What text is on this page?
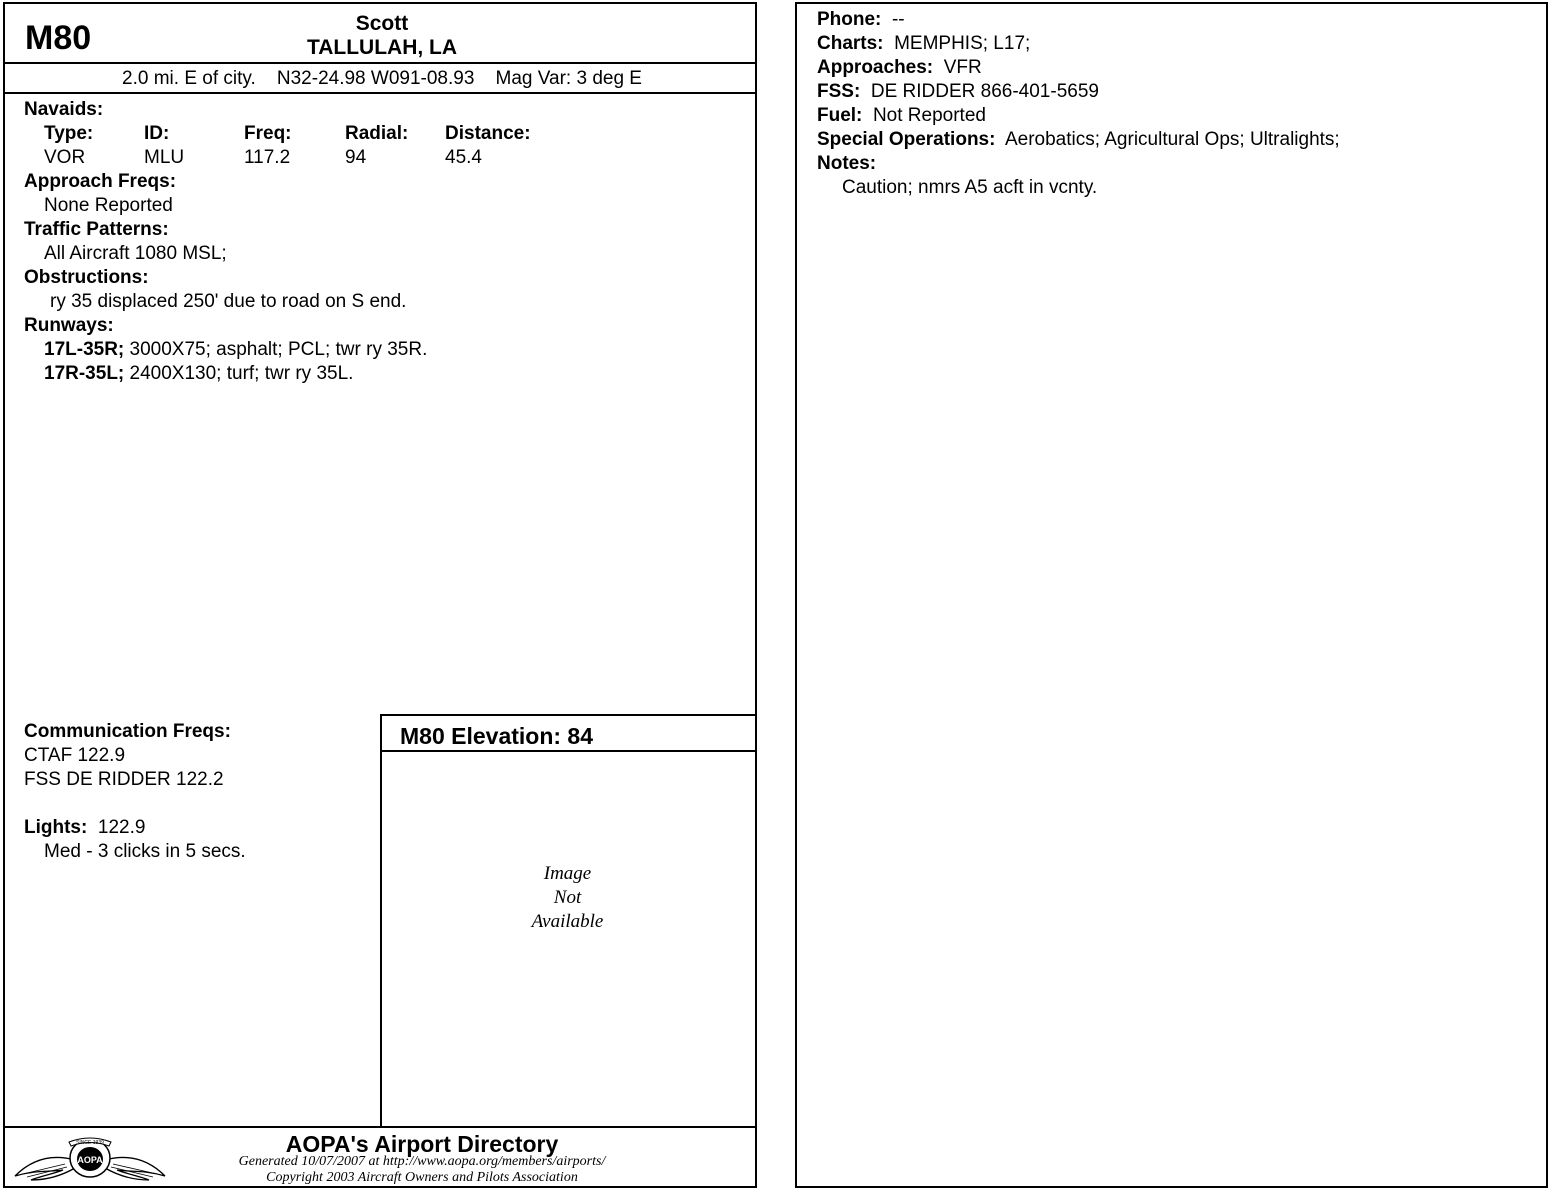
M80	Scott
TALLULAH, LA
2.0 mi. E of city. N32-24.98 W091-08.93 Mag Var: 3 deg E
Navaids:
Type:	ID:	Freq:	Radial: Distance:
VOR	MLU	117.2	94	45.4
Approach Freqs:
None Reported
Traffic Patterns:
All Aircraft 1080 MSL;
Obstructions:
ry 35 displaced 250' due to road on S end.
Runways:
17L-35R; 3000X75; asphalt; PCL; twr ry 35R.
17R-35L; 2400X130; turf; twr ry 35L.
Communication Freqs:
CTAF 122.9
FSS DE RIDDER 122.2
Lights: 122.9
Med - 3 clicks in 5 secs.
M80 Elevation: 84
Image
Not
Available
SINCE 1939
AOPA
AOPA's Airport Directory
Generated 10/07/2007 at http://www.aopa.org/members/airports/
Copyright 2003 Aircraft Owners and Pilots Association
Phone: --
Charts: MEMPHIS; L17;
Approaches: VFR
FSS: DE RIDDER 866-401-5659
Fuel: Not Reported
Special Operations: Aerobatics; Agricultural Ops; Ultralights;
Notes:
Caution; nmrs A5 acft in vcnty.
